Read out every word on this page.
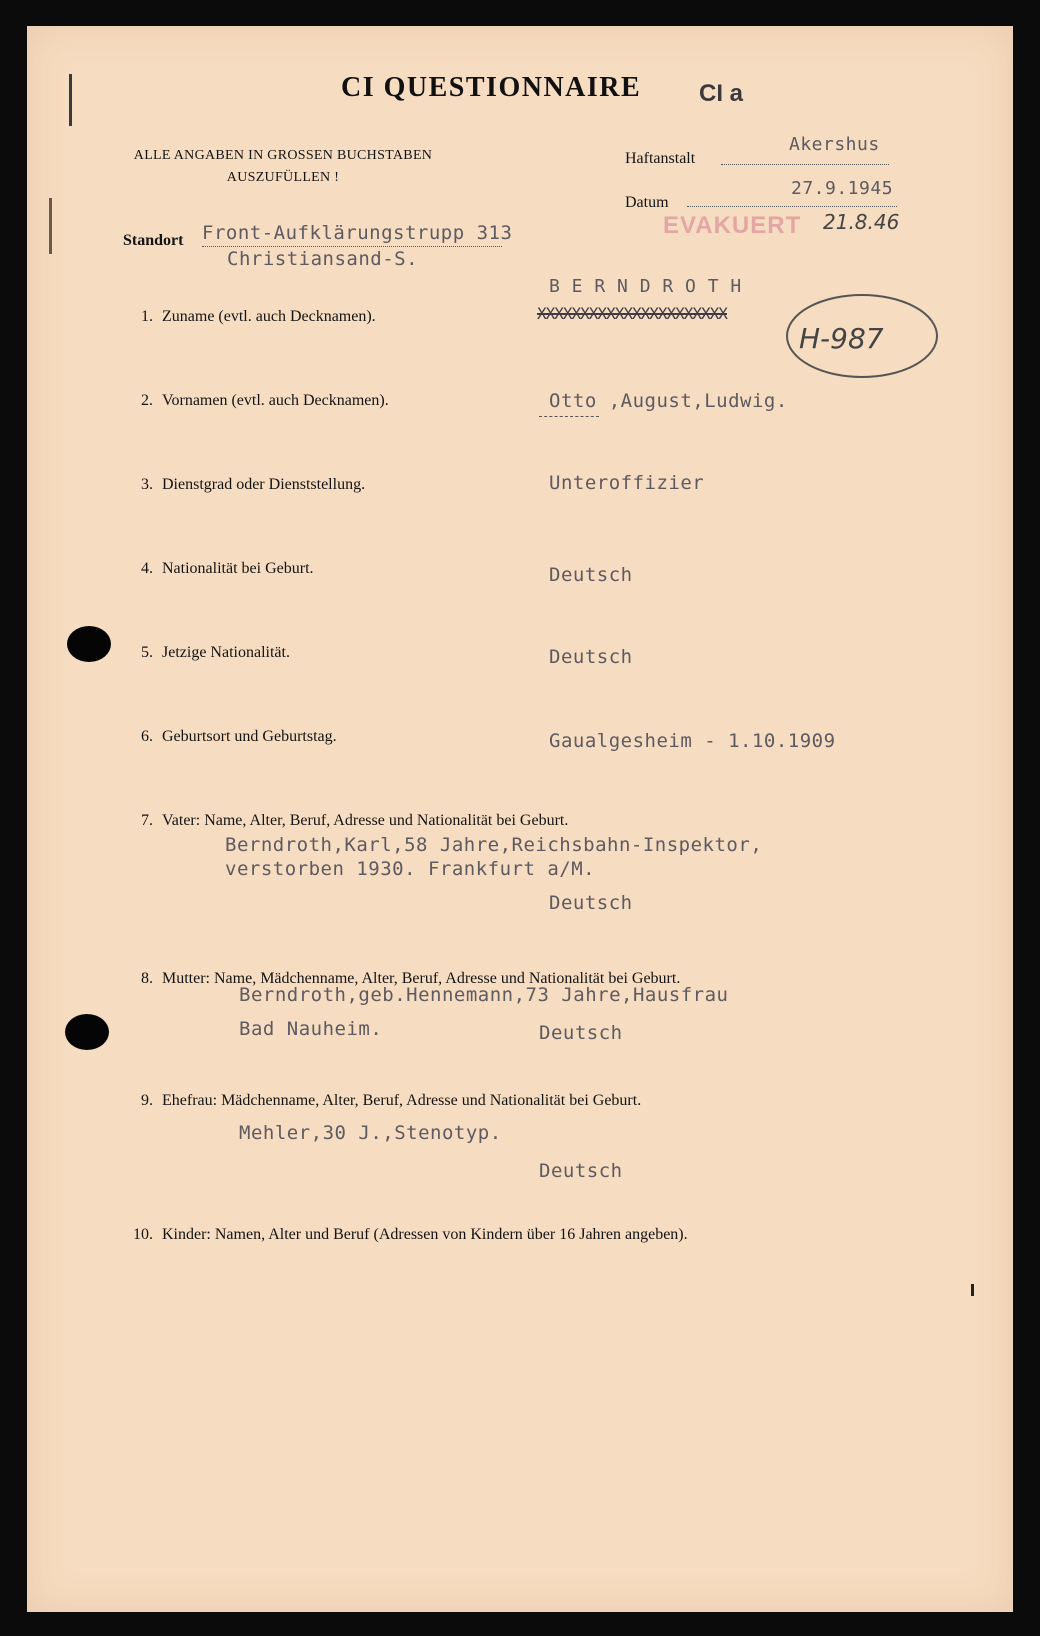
CI QUESTIONNAIRE CI a
ALLE ANGABEN IN GROSSEN BUCHSTABEN
AUSZUFÜLLEN !
Haftanstalt
Akershus
Datum
27.9.1945
EVAKUERT 21.8.46
Standort Front-Aufklärungstrupp 313
Christiansand-S.
H-987
1. Zuname (evtl. auch Decknamen).
B E R N D R O T H
XXXXXXXXXXXXXXXXXXXXXX
2. Vornamen (evtl. auch Decknamen).	Otto ,August,Ludwig.
3. Dienstgrad oder Dienststellung.	Unteroffizier
4. Nationalität bei Geburt.	Deutsch
5. Jetzige Nationalität.	Deutsch
6. Geburtsort und Geburtstag.	Gaualgesheim - 1.10.1909
7. Vater: Name, Alter, Beruf, Adresse und Nationalität bei Geburt.
Berndroth,Karl,58 Jahre,Reichsbahn-Inspektor,
verstorben 1930. Frankfurt a/M.
Deutsch
8. Mutter: Name, Mädchenname, Alter, Beruf, Adresse und Nationalität bei Geburt.
Berndroth,geb.Hennemann,73 Jahre,Hausfrau
Bad Nauheim.	Deutsch
9. Ehefrau: Mädchenname, Alter, Beruf, Adresse und Nationalität bei Geburt.
Mehler,30 J.,Stenotyp.
Deutsch
10. Kinder: Namen, Alter und Beruf (Adressen von Kindern über 16 Jahren angeben).
